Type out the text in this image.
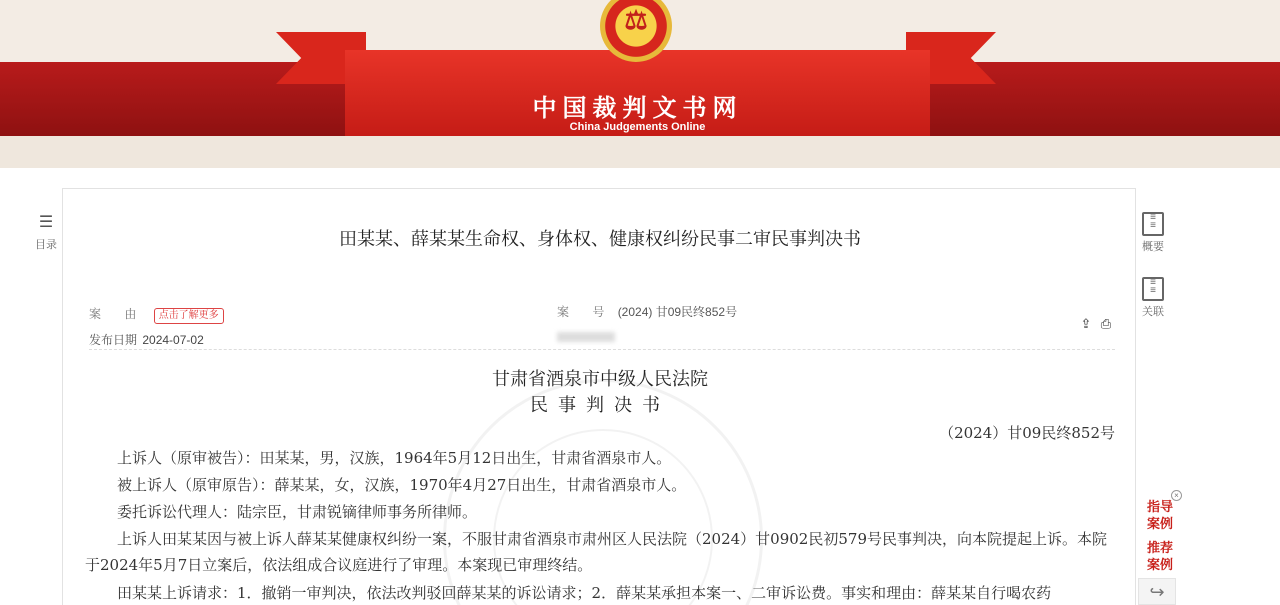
⚖
中国裁判文书网
China Judgements Online
☰
目录	田某某、薛某某生命权、身体权、健康权纠纷民事二审民事判决书
案 由 点击了解更多	案 号 (2024) 甘09民终852号
发布日期 2024-07-02
⇪ ⎙
甘肃省酒泉市中级人民法院
民事判决书
（2024）甘09民终852号
上诉人（原审被告）：田某某，男，汉族，1964年5月12日出生，甘肃省酒泉市人。
被上诉人（原审原告）：薛某某，女，汉族，1970年4月27日出生，甘肃省酒泉市人。
委托诉讼代理人：陆宗臣，甘肃锐镝律师事务所律师。
上诉人田某某因与被上诉人薛某某健康权纠纷一案，不服甘肃省酒泉市肃州区人民法院（2024）甘0902民初579号民事判决，向本院提起上诉。本院于2024年5月7日立案后，依法组成合议庭进行了审理。本案现已审理终结。
田某某上诉请求：1．撤销一审判决，依法改判驳回薛某某的诉讼请求；2．薛某某承担本案一、二审诉讼费。事实和理由：薛某某自行喝农药
≡
≡
概要
≡
≡
关联
×
指导
案例
推荐
案例
↪
